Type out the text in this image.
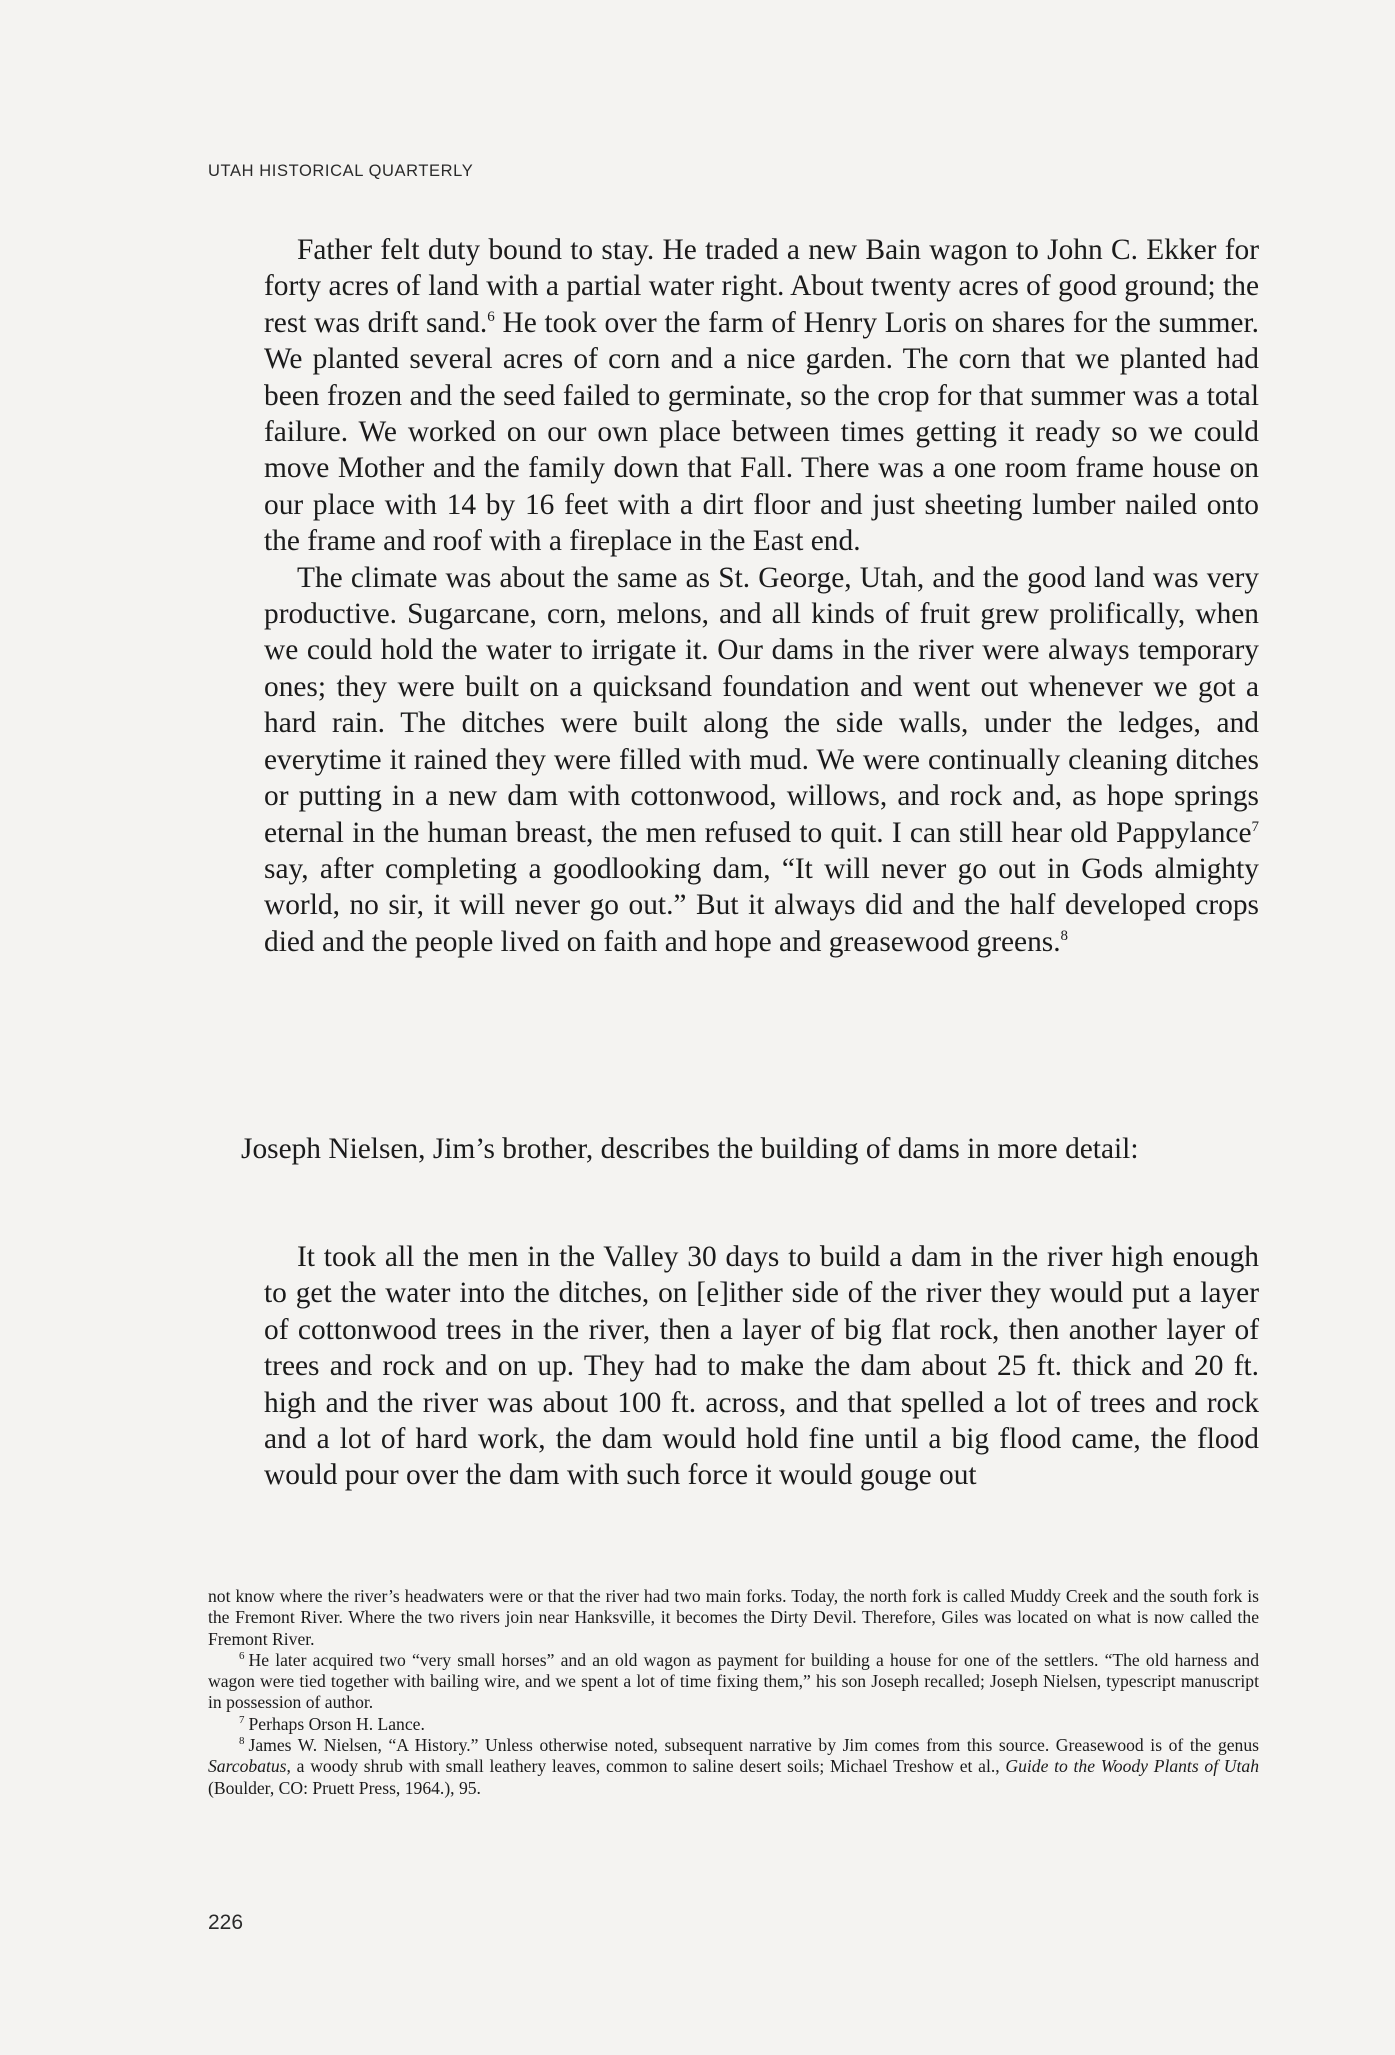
UTAH HISTORICAL QUARTERLY

Father felt duty bound to stay. He traded a new Bain wagon to John C. Ekker for forty acres of land with a partial water right. About twenty acres of good ground; the rest was drift sand.$^6$ He took over the farm of Henry Loris on shares for the summer. We planted several acres of corn and a nice garden. The corn that we planted had been frozen and the seed failed to germinate, so the crop for that summer was a total failure. We worked on our own place between times getting it ready so we could move Mother and the family down that Fall. There was a one room frame house on our place with 14 by 16 feet with a dirt floor and just sheeting lumber nailed onto the frame and roof with a fireplace in the East end.

The climate was about the same as St. George, Utah, and the good land was very productive. Sugarcane, corn, melons, and all kinds of fruit grew prolifically, when we could hold the water to irrigate it. Our dams in the river were always temporary ones; they were built on a quicksand foundation and went out whenever we got a hard rain. The ditches were built along the side walls, under the ledges, and everytime it rained they were filled with mud. We were continually cleaning ditches or putting in a new dam with cottonwood, willows, and rock and, as hope springs eternal in the human breast, the men refused to quit. I can still hear old Pappylance$^7$ say, after completing a goodlooking dam, “It will never go out in Gods almighty world, no sir, it will never go out.” But it always did and the half developed crops died and the people lived on faith and hope and greasewood greens.$^8$

Joseph Nielsen, Jim’s brother, describes the building of dams in more detail:

It took all the men in the Valley 30 days to build a dam in the river high enough to get the water into the ditches, on [e]ither side of the river they would put a layer of cottonwood trees in the river, then a layer of big flat rock, then another layer of trees and rock and on up. They had to make the dam about 25 ft. thick and 20 ft. high and the river was about 100 ft. across, and that spelled a lot of trees and rock and a lot of hard work, the dam would hold fine until a big flood came, the flood would pour over the dam with such force it would gouge out

not know where the river’s headwaters were or that the river had two main forks. Today, the north fork is called Muddy Creek and the south fork is the Fremont River. Where the two rivers join near Hanksville, it becomes the Dirty Devil. Therefore, Giles was located on what is now called the Fremont River.

$^6$ He later acquired two “very small horses” and an old wagon as payment for building a house for one of the settlers. “The old harness and wagon were tied together with bailing wire, and we spent a lot of time fixing them,” his son Joseph recalled; Joseph Nielsen, typescript manuscript in possession of author.

$^7$ Perhaps Orson H. Lance.

$^8$ James W. Nielsen, “A History.” Unless otherwise noted, subsequent narrative by Jim comes from this source. Greasewood is of the genus Sarcobatus, a woody shrub with small leathery leaves, common to saline desert soils; Michael Treshow et al., Guide to the Woody Plants of Utah (Boulder, CO: Pruett Press, 1964.), 95.

226
